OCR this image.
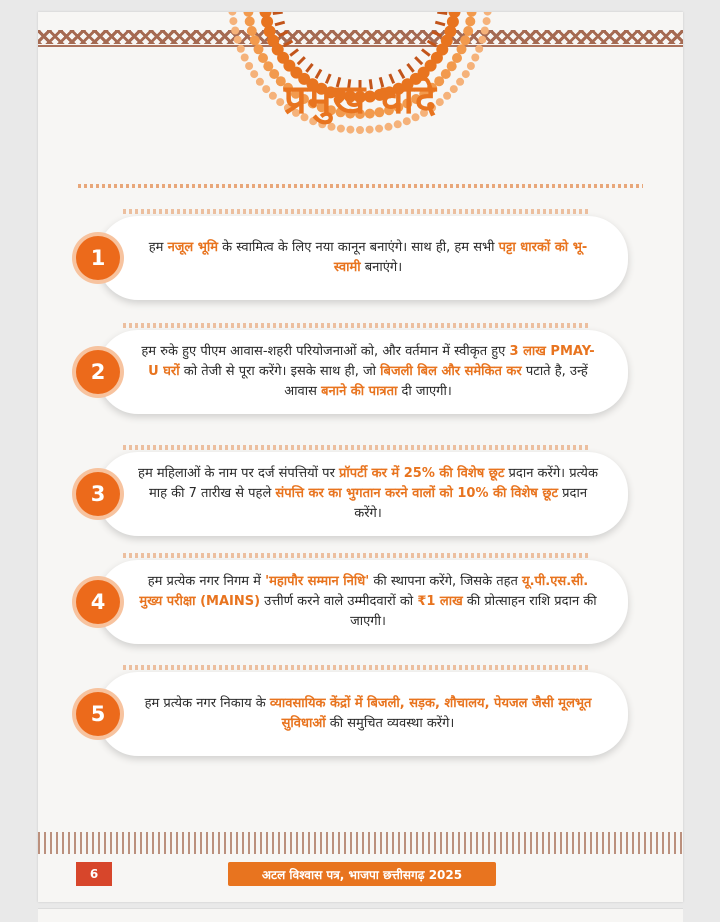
प्रमुख वादे
1	हम नजूल भूमि के स्वामित्व के लिए नया कानून बनाएंगे। साथ ही, हम सभी पट्टा धारकों को भू- स्वामी बनाएंगे।
2
हम रुके हुए पीएम आवास-शहरी परियोजनाओं को, और वर्तमान में स्वीकृत हुए 3 लाख PMAY-U घरों को तेजी से पूरा करेंगे। इसके साथ ही, जो बिजली बिल और समेकित कर पटाते है, उन्हें आवास बनाने की पात्रता दी जाएगी।
3
हम महिलाओं के नाम पर दर्ज संपत्तियों पर प्रॉपर्टी कर में 25% की विशेष छूट प्रदान करेंगे। प्रत्येक माह की 7 तारीख से पहले संपत्ति कर का भुगतान करने वालों को 10% की विशेष छूट प्रदान करेंगे।
4
हम प्रत्येक नगर निगम में 'महापौर सम्मान निधि' की स्थापना करेंगे, जिसके तहत यू.पी.एस.सी. मुख्य परीक्षा (MAINS) उत्तीर्ण करने वाले उम्मीदवारों को ₹1 लाख की प्रोत्साहन राशि प्रदान की जाएगी।
5	हम प्रत्येक नगर निकाय के व्यावसायिक केंद्रों में बिजली, सड़क, शौचालय, पेयजल जैसी मूलभूत सुविधाओं की समुचित व्यवस्था करेंगे।
6	अटल विश्वास पत्र, भाजपा छत्तीसगढ़ 2025
